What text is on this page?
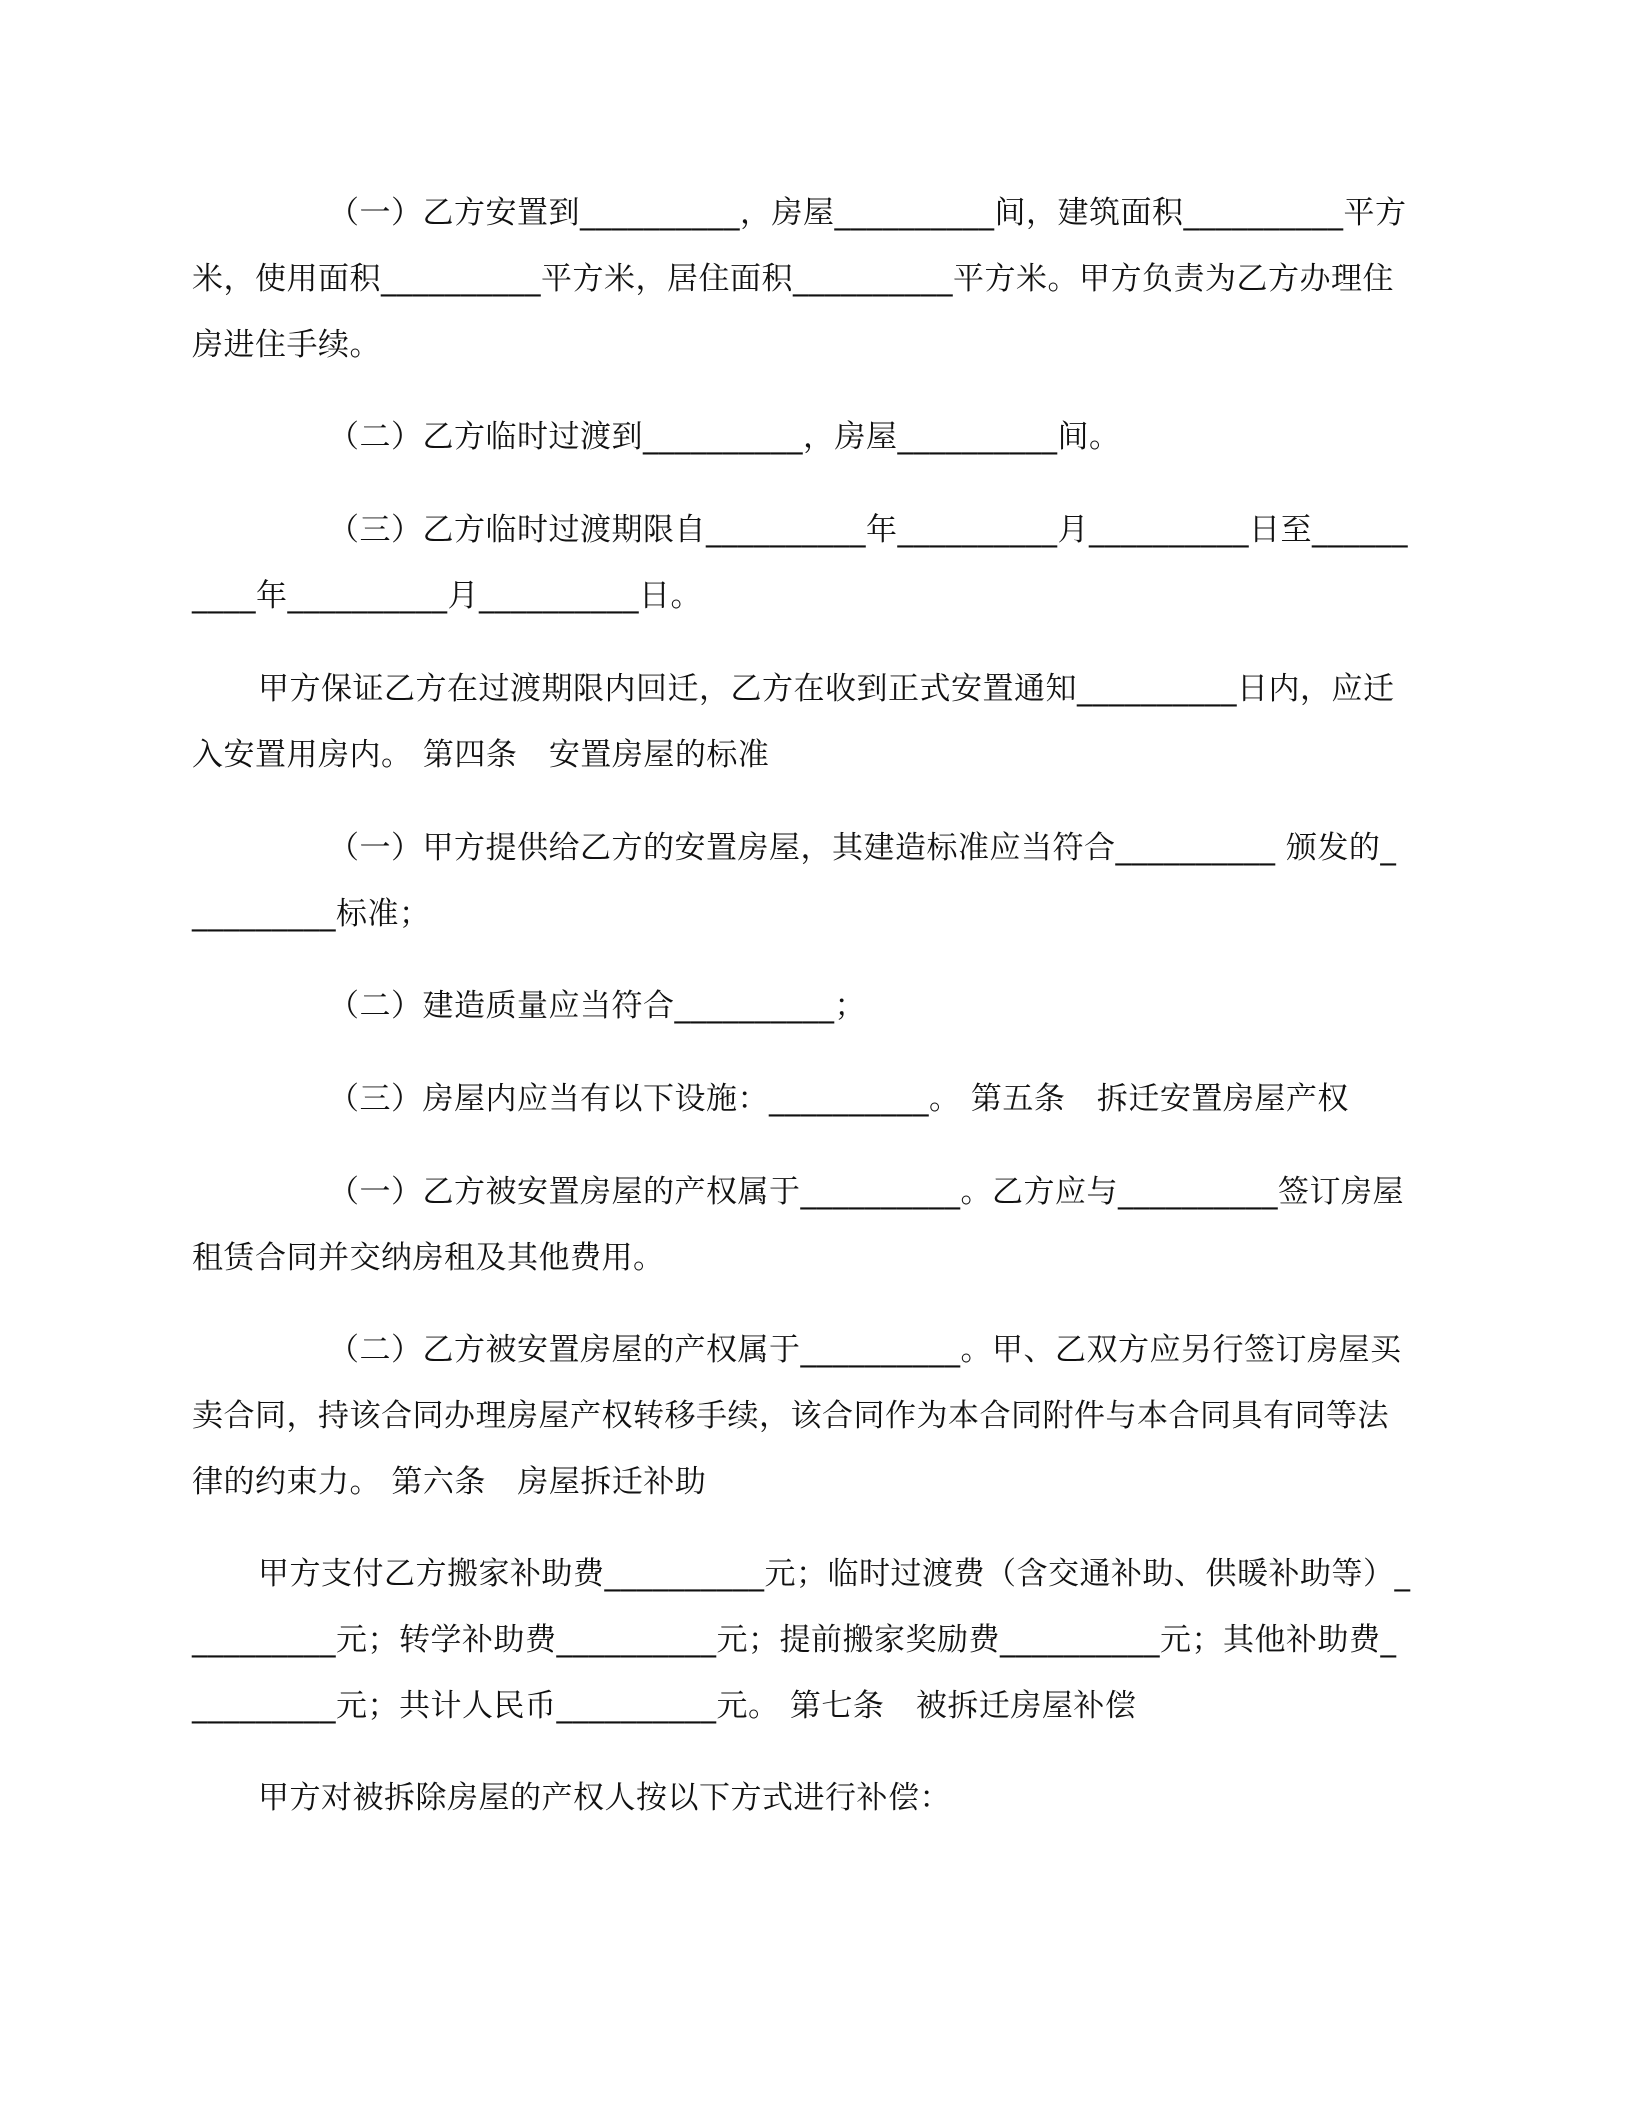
（一）乙方安置到__________，房屋__________间，建筑面积__________平方米，使用面积__________平方米，居住面积__________平方米。甲方负责为乙方办理住房进住手续。

（二）乙方临时过渡到__________，房屋__________间。

（三）乙方临时过渡期限自__________年__________月__________日至__________年__________月__________日。

甲方保证乙方在过渡期限内回迁，乙方在收到正式安置通知__________日内，应迁入安置用房内。 第四条　安置房屋的标准

（一）甲方提供给乙方的安置房屋，其建造标准应当符合__________ 颁发的__________标准；

（二）建造质量应当符合__________；

（三）房屋内应当有以下设施：__________。 第五条　拆迁安置房屋产权

（一）乙方被安置房屋的产权属于__________。乙方应与__________签订房屋租赁合同并交纳房租及其他费用。

（二）乙方被安置房屋的产权属于__________。甲、乙双方应另行签订房屋买卖合同，持该合同办理房屋产权转移手续，该合同作为本合同附件与本合同具有同等法律的约束力。 第六条　房屋拆迁补助

甲方支付乙方搬家补助费__________元；临时过渡费（含交通补助、供暖补助等）__________元；转学补助费__________元；提前搬家奖励费__________元；其他补助费__________元；共计人民币__________元。 第七条　被拆迁房屋补偿

甲方对被拆除房屋的产权人按以下方式进行补偿：
